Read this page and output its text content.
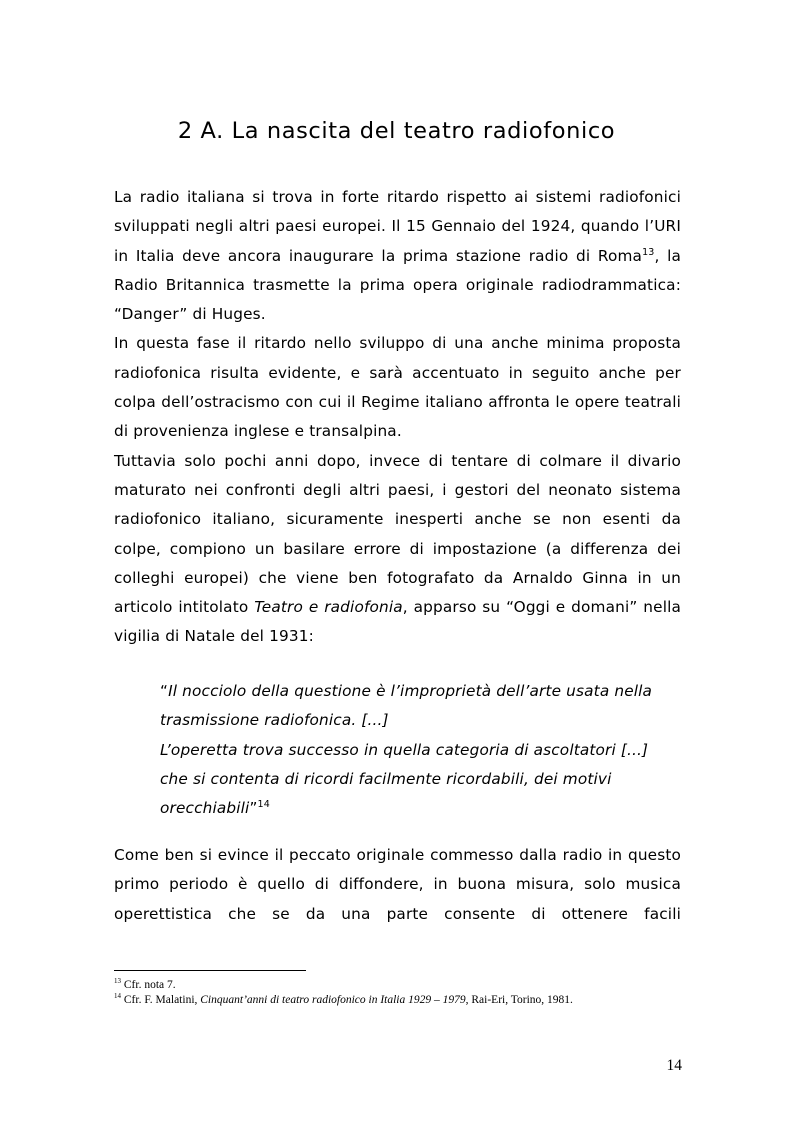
2 A. La nascita del teatro radiofonico

La radio italiana si trova in forte ritardo rispetto ai sistemi radiofonici sviluppati negli altri paesi europei. Il 15 Gennaio del 1924, quando l’URI in Italia deve ancora inaugurare la prima stazione radio di Roma$^{13}$, la Radio Britannica trasmette la prima opera originale radiodrammatica: “Danger” di Huges.

In questa fase il ritardo nello sviluppo di una anche minima proposta radiofonica risulta evidente, e sarà accentuato in seguito anche per colpa dell’ostracismo con cui il Regime italiano affronta le opere teatrali di provenienza inglese e transalpina.

Tuttavia solo pochi anni dopo, invece di tentare di colmare il divario maturato nei confronti degli altri paesi, i gestori del neonato sistema radiofonico italiano, sicuramente inesperti anche se non esenti da colpe, compiono un basilare errore di impostazione (a differenza dei colleghi europei) che viene ben fotografato da Arnaldo Ginna in un articolo intitolato Teatro e radiofonia, apparso su “Oggi e domani” nella vigilia di Natale del 1931:

“Il nocciolo della questione è l’improprietà dell’arte usata nella

trasmissione radiofonica. [...]

L’operetta trova successo in quella categoria di ascoltatori [...]

che si contenta di ricordi facilmente ricordabili, dei motivi

orecchiabili”$^{14}$

Come ben si evince il peccato originale commesso dalla radio in questo primo periodo è quello di diffondere, in buona misura, solo musica operettistica che se da una parte consente di ottenere facili

$^{13}$ Cfr. nota 7.

$^{14}$ Cfr. F. Malatini, Cinquant’anni di teatro radiofonico in Italia 1929 – 1979, Rai-Eri, Torino, 1981.

14
